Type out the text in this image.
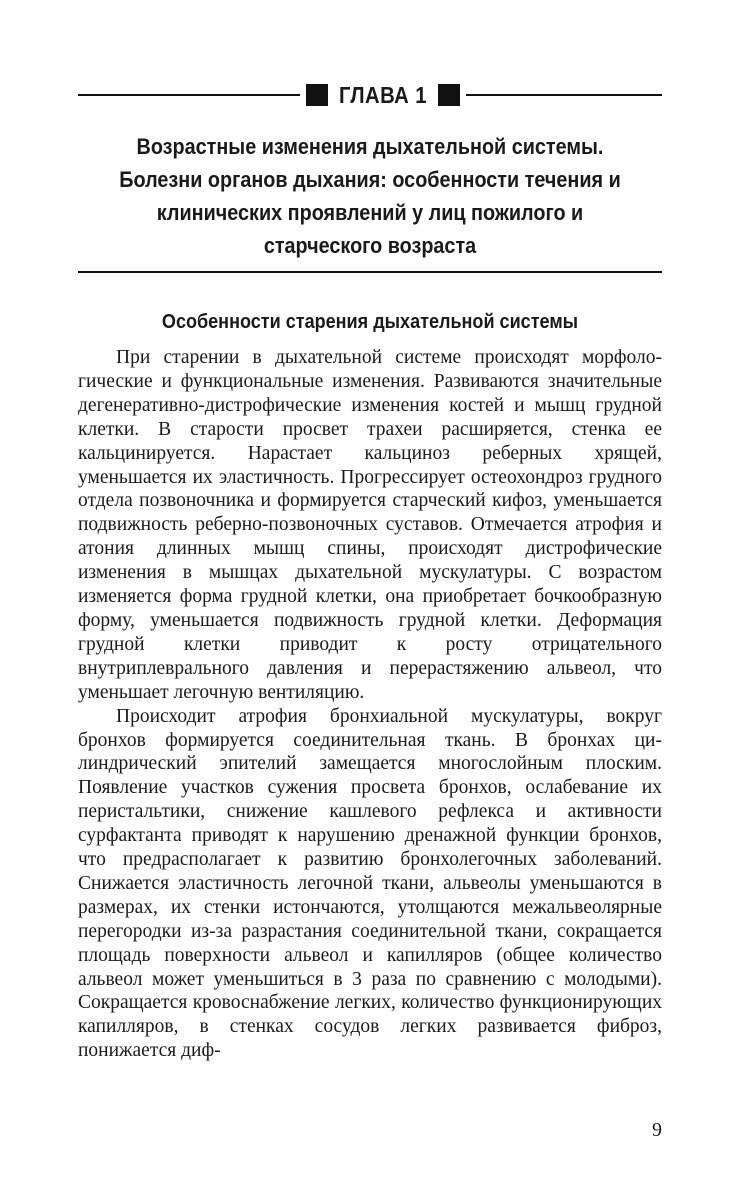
ГЛАВА 1
Возрастные изменения дыхательной системы. Болезни органов дыхания: особенности течения и клинических проявлений у лиц пожилого и старческого возраста
Особенности старения дыхательной системы

При старении в дыхательной системе происходят морфологические и функциональные изменения. Развиваются значительные дегенеративно-дистрофические изменения костей и мышц грудной клетки. В старости просвет трахеи расширяется, стенка ее кальцинируется. Нарастает кальциноз реберных хрящей, уменьшается их эластичность. Прогрессирует остеохондроз грудного отдела позвоночника и формируется старческий кифоз, уменьшается подвижность реберно-позвоночных суставов. Отмечается атрофия и атония длинных мышц спины, происходят дистрофические изменения в мышцах дыхательной мускулатуры. С возрастом изменяется форма грудной клетки, она приобретает бочкообразную форму, уменьшается подвижность грудной клетки. Деформация грудной клетки приводит к росту отрицательного внутриплеврального давления и перерастяжению альвеол, что уменьшает легочную вентиляцию.

Происходит атрофия бронхиальной мускулатуры, вокруг бронхов формируется соединительная ткань. В бронхах цилиндрический эпителий замещается многослойным плоским. Появление участков сужения просвета бронхов, ослабевание их перистальтики, снижение кашлевого рефлекса и активности сурфактанта приводят к нарушению дренажной функции бронхов, что предрасполагает к развитию бронхолегочных заболеваний. Снижается эластичность легочной ткани, альвеолы уменьшаются в размерах, их стенки истончаются, утолщаются межальвеолярные перегородки из-за разрастания соединительной ткани, сокращается площадь поверхности альвеол и капилляров (общее количество альвеол может уменьшиться в 3 раза по сравнению с молодыми). Сокращается кровоснабжение легких, количество функционирующих капилляров, в стенках сосудов легких развивается фиброз, понижается диф-

9
